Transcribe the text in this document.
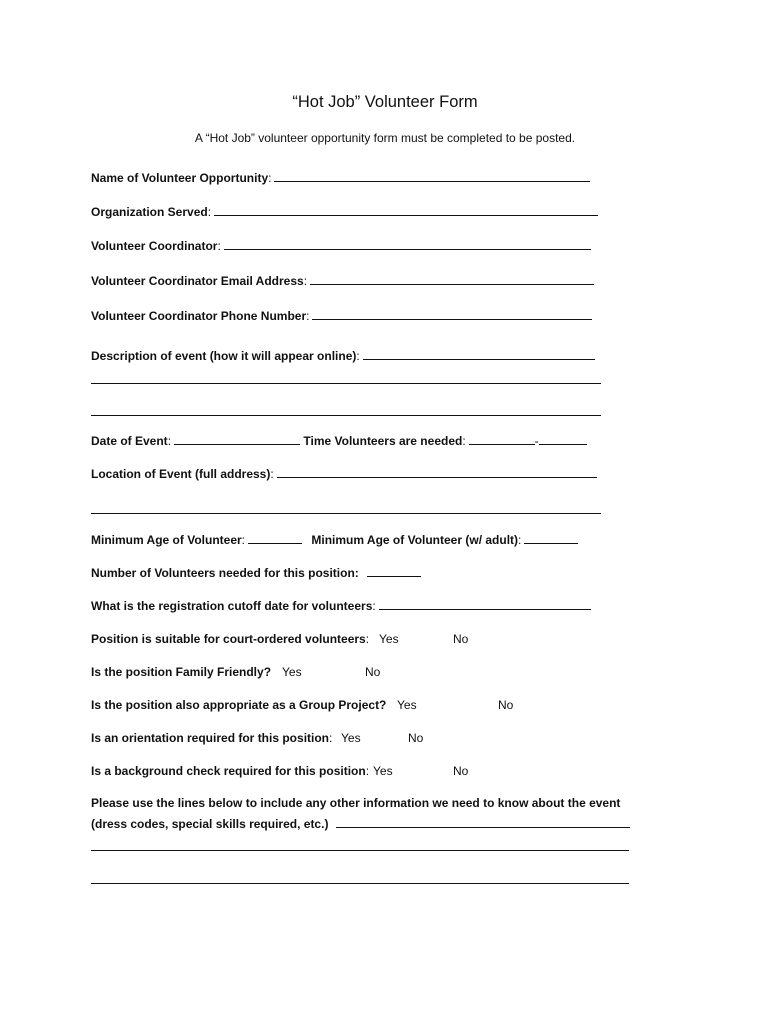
“Hot Job” Volunteer Form
A “Hot Job” volunteer opportunity form must be completed to be posted.
Name of Volunteer Opportunity:
Organization Served:
Volunteer Coordinator:
Volunteer Coordinator Email Address:
Volunteer Coordinator Phone Number:
Description of event (how it will appear online):
Date of Event:	Time Volunteers are needed:	-
Location of Event (full address):
Minimum Age of Volunteer:	Minimum Age of Volunteer (w/ adult):
Number of Volunteers needed for this position:
What is the registration cutoff date for volunteers:
Position is suitable for court-ordered volunteers: Yes	No
Is the position Family Friendly? Yes	No
Is the position also appropriate as a Group Project? Yes	No
Is an orientation required for this position: Yes	No
Is a background check required for this position: Yes	No
Please use the lines below to include any other information we need to know about the event
(dress codes, special skills required, etc.)
